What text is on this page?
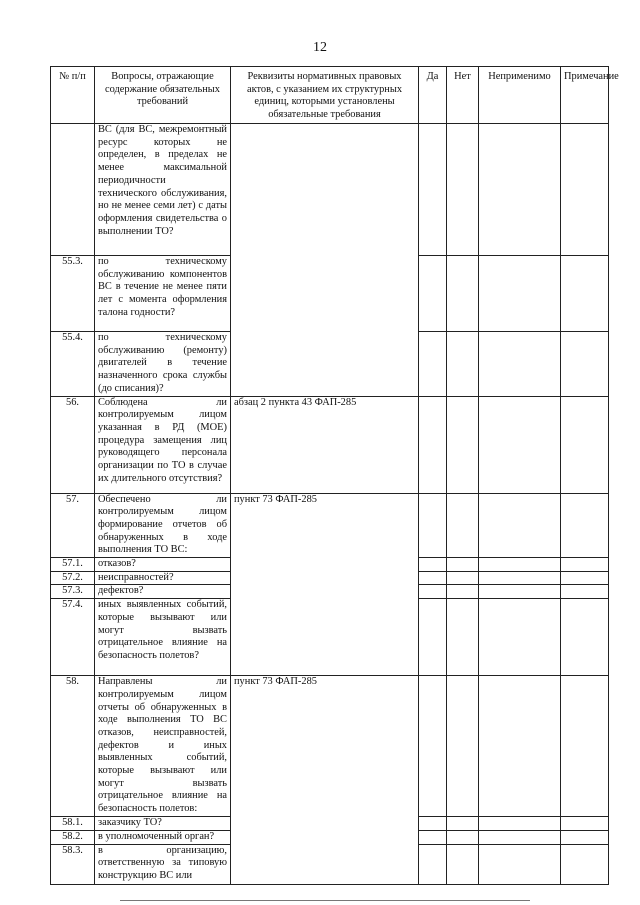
12
№ п/п	Вопросы, отражающие содержание обязательных требований	Реквизиты нормативных правовых актов, с указанием их структурных единиц, которыми установлены обязательные требования	Да	Нет	Неприменимо	Примечание
	ВС (для ВС, межремонтный ресурс которых не определен, в пределах не менее максимальной периодичности технического обслуживания, но не менее семи лет) с даты оформления свидетельства о выполнении ТО?					
55.3.	по техническому обслуживанию компонентов ВС в течение не менее пяти лет с момента оформления талона годности?					
55.4.	по техническому обслуживанию (ремонту) двигателей в течение назначенного срока службы (до списания)?					
56.	Соблюдена ли контролируемым лицом указанная в РД (МОЕ) процедура замещения лиц руководящего персонала организации по ТО в случае их длительного отсутствия?	абзац 2 пункта 43 ФАП-285				
57.	Обеспечено ли контролируемым лицом формирование отчетов об обнаруженных в ходе выполнения ТО ВС:	пункт 73 ФАП-285				
57.1.	отказов?					
57.2.	неисправностей?					
57.3.	дефектов?					
57.4.	иных выявленных событий, которые вызывают или могут вызвать отрицательное влияние на безопасность полетов?					
58.	Направлены ли контролируемым лицом отчеты об обнаруженных в ходе выполнения ТО ВС отказов, неисправностей, дефектов и иных выявленных событий, которые вызывают или могут вызвать отрицательное влияние на безопасность полетов:	пункт 73 ФАП-285				
58.1.	заказчику ТО?					
58.2.	в уполномоченный орган?					
58.3.	в организацию, ответственную за типовую конструкцию ВС или					
